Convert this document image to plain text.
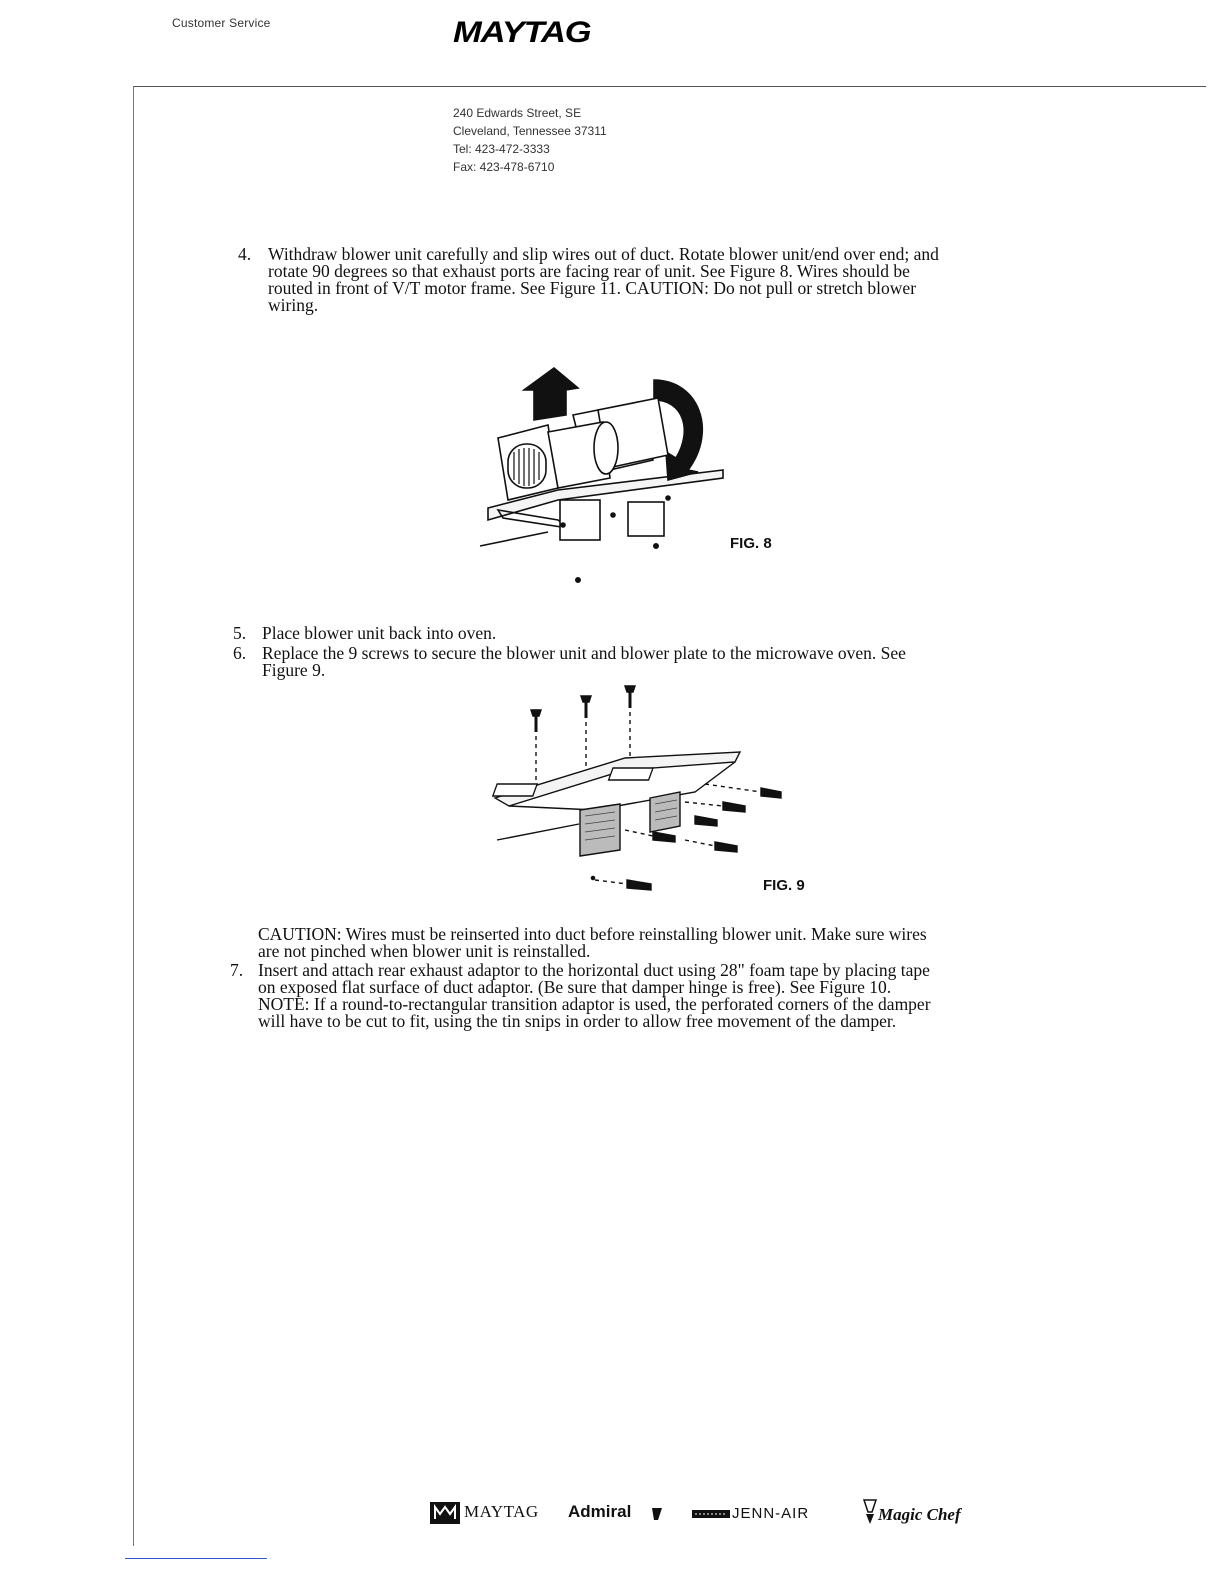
Customer Service	MAYTAG
240 Edwards Street, SE
Cleveland, Tennessee 37311
Tel: 423-472-3333
Fax: 423-478-6710
4. Withdraw blower unit carefully and slip wires out of duct. Rotate blower unit/end over end; and
rotate 90 degrees so that exhaust ports are facing rear of unit. See Figure 8. Wires should be
routed in front of V/T motor frame. See Figure 11. CAUTION: Do not pull or stretch blower
wiring.
FIG. 8
5. Place blower unit back into oven.
6. Replace the 9 screws to secure the blower unit and blower plate to the microwave oven. See
Figure 9.
FIG. 9
CAUTION: Wires must be reinserted into duct before reinstalling blower unit. Make sure wires
are not pinched when blower unit is reinstalled.
7. Insert and attach rear exhaust adaptor to the horizontal duct using 28" foam tape by placing tape
on exposed flat surface of duct adaptor. (Be sure that damper hinge is free). See Figure 10.
NOTE: If a round-to-rectangular transition adaptor is used, the perforated corners of the damper
will have to be cut to fit, using the tin snips in order to allow free movement of the damper.
MAYTAG Admiral	JENN-AIR	Magic Chef
